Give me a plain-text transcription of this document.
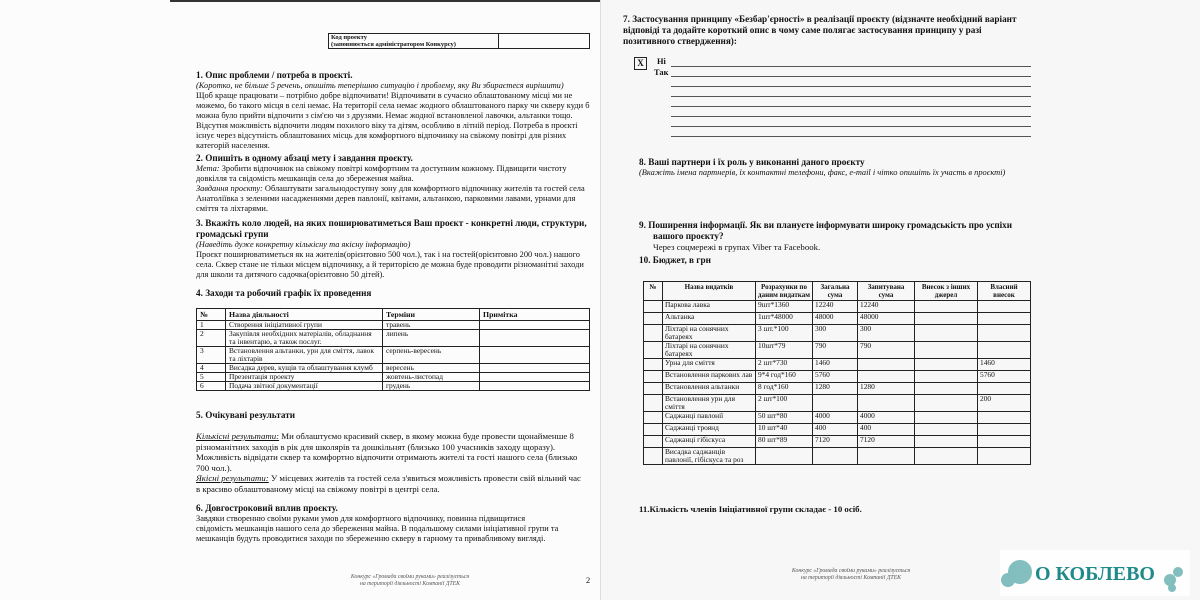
Код проекту
(заповнюється адміністратором Конкурсу)

1. Опис проблеми / потреба в проєкті.
(Коротко, не більше 5 речень, опишіть теперішню ситуацію і проблему, яку Ви збираєтеся вирішити)
Щоб краще працювати – потрібно добре відпочивати! Відпочивати в сучасно облаштованому місці ми не
можемо, бо такого місця в селі немає. На території села немає жодного облаштованого парку чи скверу куди б
можна було прийти відпочити з сім'єю чи з друзями. Немає жодної встановленої лавочки, альтанки тощо.
Відсутня можливість відпочити людям похилого віку та дітям, особливо в літній період. Потреба в проєкті
існує через відсутність облаштованих місць для комфортного відпочинку на свіжому повітрі для різних
категорій населення.
2. Опишіть в одному абзаці мету і завдання проєкту.
Мета: Зробити відпочинок на свіжому повітрі комфортним та доступним кожному. Підвищити чистоту
довкілля та свідомість мешканців села до збереження майна.
Завдання проєкту: Облаштувати загальнодоступну зону для комфортного відпочинку жителів та гостей села
Анатоліївка з зеленими насадженнями дерев павлонії, квітами, альтанкою, парковими лавами, урнами для
сміття та ліхтарями.
3. Вкажіть коло людей, на яких поширюватиметься Ваш проєкт - конкретні люди, структури,
громадські групи
(Наведіть дуже конкретну кількісну та якісну інформацію)
Проєкт поширюватиметься як на жителів(орієнтовно 500 чол.), так і на гостей(орієнтовно 200 чол.) нашого
села. Сквер стане не тільки місцем відпочинку, а й територією де можна буде проводити різноманітні заходи
для школи та дитячого садочка(орієнтовно 50 дітей).
4. Заходи та робочий графік їх проведення
№	Назва діяльності	Терміни	Примітка
1	Створення ініціативної групи	травень	
2	Закупівля необхідних матеріалів, обладнання та інвентарю, а також послуг.	липень	
3	Встановлення альтанки, урн для сміття, лавок та ліхтарів	серпень-вересень	
4	Висадка дерев, кущів та облаштування клумб	вересень	
5	Презентація проекту	жовтень-листопад	
6	Подача звітної документації	грудень	
5. Очікувані результати
Кількісні результати: Ми облаштуємо красивий сквер, в якому можна буде провести щонайменше 8
різноманітних заходів в рік для школярів та дошкільнят (близько 100 учасників заходу щоразу).
Можливість відвідати сквер та комфортно відпочити отримають жителі та гості нашого села (близько
700 чол.).
Якісні результати: У місцевих жителів та гостей села з'явиться можливість провести свій вільний час
в красиво облаштованому місці на свіжому повітрі в центрі села.
6. Довгостроковий вплив проєкту.
Завдяки створенню своїми руками умов для комфортного відпочинку, повинна підвищитися
свідомість мешканців нашого села до збереження майна. В подальшому силами ініціативної групи та
мешканців будуть проводитися заходи по збереженню скверу в гарному та привабливому вигляді.
Конкурс «Громада своїми руками» реалізується
на території діяльності Компанії ДТЕК	2
7. Застосування принципу «Безбар'єрності» в реалізації проєкту (відзначте необхідний варіант
відповіді та додайте короткий опис в чому саме полягає застосування принципу у разі
позитивного ствердження):
X	Ні
Так
8. Ваші партнери і їх роль у виконанні даного проєкту
(Вкажіть імена партнерів, їх контактні телефони, факс, e-mail і чітко опишіть їх участь в проєкті)
9. Поширення інформації. Як ви плануєте інформувати широку громадськість про успіхи
вашого проєкту?
Через соцмережі в групах Viber та Facebook.
10. Бюджет, в грн
№	Назва видатків	Розрахунки по даним видаткам	Загальна сума	Запитувана сума	Внесок з інших джерел	Власний внесок
	Паркова лавка	9шт*1360	12240	12240		
	Альтанка	1шт*48000	48000	48000		
	Ліхтарі на сонячних батареях	3 шт.*100	300	300		
	Ліхтарі на сонячних батареях	10шт*79	790	790		
	Урна для сміття	2 шт*730	1460			1460
	Встановлення паркових лав	9*4 год*160	5760			5760
	Встановлення альтанки	8 год*160	1280	1280		
	Встановлення урн для сміття	2 шт*100				200
	Саджанці павлонії	50 шт*80	4000	4000		
	Саджанці троянд	10 шт*40	400	400		
	Саджанці гібіскуса	80 шт*89	7120	7120		
	Висадка саджанців павлонії, гібіскуса та роз					
11.Кількість членів Ініціативної групи складає - 10 осіб.
Конкурс «Громада своїми руками» реалізується
на території діяльності Компанії ДТЕК	О КОБЛЕВО
